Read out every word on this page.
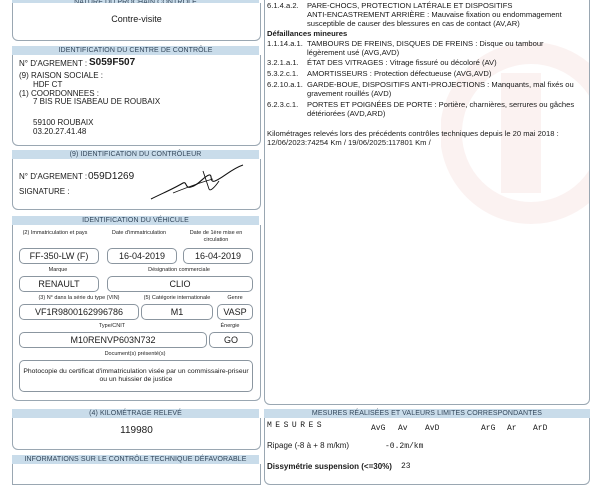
Contre-visite
IDENTIFICATION DU CENTRE DE CONTRÔLE
N° D'AGREMENT : S059F507
(9) RAISON SOCIALE :
HDF CT
(1) COORDONNEES :
7 BIS RUE ISABEAU DE ROUBAIX
59100 ROUBAIX
03.20.27.41.48
(9) IDENTIFICATION DU CONTRÔLEUR
N° D'AGREMENT : 059D1269
SIGNATURE :
IDENTIFICATION DU VÉHICULE
(2) Immatriculation et pays	Date d'immatriculation	Date de 1ère mise en circulation
FF-350-LW (F)	16-04-2019	16-04-2019
Marque	Désignation commerciale
RENAULT	CLIO
(3) N° dans la série du type (VIN)	(5) Catégorie internationale	Genre
VF1R9800162996786	M1	VASP
Type/CNIT	Énergie
M10RENVP603N732	GO
Document(s) présenté(s)
Photocopie du certificat d'immatriculation visée par un commissaire-priseur ou un huissier de justice
(4) KILOMÉTRAGE RELEVÉ
119980
INFORMATIONS SUR LE CONTRÔLE TECHNIQUE DÉFAVORABLE
6.1.4.a.2. PARE-CHOCS, PROTECTION LATÉRALE ET DISPOSITIFS
ANTI-ENCASTREMENT ARRIÈRE : Mauvaise fixation ou endommagement
susceptible de causer des blessures en cas de contact (AV,AR)
Défaillances mineures
1.1.14.a.1. TAMBOURS DE FREINS, DISQUES DE FREINS : Disque ou tambour
légèrement usé (AVG,AVD)
3.2.1.a.1. ÉTAT DES VITRAGES : Vitrage fissuré ou décoloré (AV)
5.3.2.c.1. AMORTISSEURS : Protection défectueuse (AVG,AVD)
6.2.10.a.1. GARDE-BOUE, DISPOSITIFS ANTI-PROJECTIONS : Manquants, mal fixés ou
gravement rouillés (AVD)
6.2.3.c.1. PORTES ET POIGNÉES DE PORTE : Portière, charnières, serrures ou gâches
détériorées (AVD,ARD)
Kilométrages relevés lors des précédents contrôles techniques depuis le 20 mai 2018 :
12/06/2023:74254 Km / 19/06/2025:117801 Km /
MESURES RÉALISÉES ET VALEURS LIMITES CORRESPONDANTES
MESURES	AvG Av AvD	ArG Ar ArD
Ripage (-8 à + 8 m/km)	-0.2m/km
Dissymétrie suspension (<=30%) 23
